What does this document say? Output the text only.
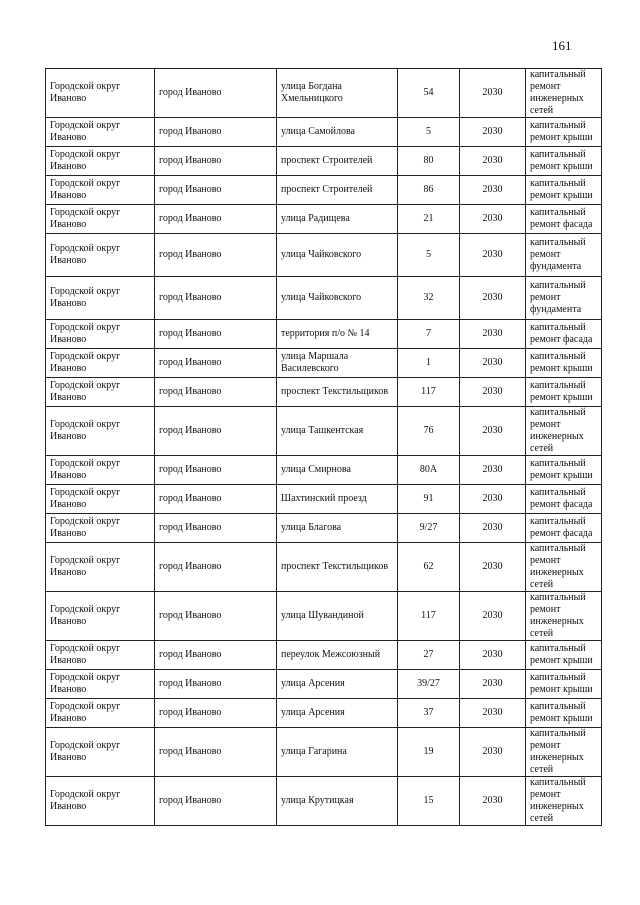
161
Городской округ Иваново	город Иваново	улица Богдана Хмельницкого	54	2030	капитальный ремонт инженерных сетей
Городской округ Иваново	город Иваново	улица Самойлова	5	2030	капитальный ремонт крыши
Городской округ Иваново	город Иваново	проспект Строителей	80	2030	капитальный ремонт крыши
Городской округ Иваново	город Иваново	проспект Строителей	86	2030	капитальный ремонт крыши
Городской округ Иваново	город Иваново	улица Радищева	21	2030	капитальный ремонт фасада
Городской округ Иваново	город Иваново	улица Чайковского	5	2030	капитальный ремонт фундамента
Городской округ Иваново	город Иваново	улица Чайковского	32	2030	капитальный ремонт фундамента
Городской округ Иваново	город Иваново	территория п/о № 14	7	2030	капитальный ремонт фасада
Городской округ Иваново	город Иваново	улица Маршала Василевского	1	2030	капитальный ремонт крыши
Городской округ Иваново	город Иваново	проспект Текстильщиков	117	2030	капитальный ремонт крыши
Городской округ Иваново	город Иваново	улица Ташкентская	76	2030	капитальный ремонт инженерных сетей
Городской округ Иваново	город Иваново	улица Смирнова	80А	2030	капитальный ремонт крыши
Городской округ Иваново	город Иваново	Шахтинский проезд	91	2030	капитальный ремонт фасада
Городской округ Иваново	город Иваново	улица Благова	9/27	2030	капитальный ремонт фасада
Городской округ Иваново	город Иваново	проспект Текстильщиков	62	2030	капитальный ремонт инженерных сетей
Городской округ Иваново	город Иваново	улица Шувандиной	117	2030	капитальный ремонт инженерных сетей
Городской округ Иваново	город Иваново	переулок Межсоюзный	27	2030	капитальный ремонт крыши
Городской округ Иваново	город Иваново	улица Арсения	39/27	2030	капитальный ремонт крыши
Городской округ Иваново	город Иваново	улица Арсения	37	2030	капитальный ремонт крыши
Городской округ Иваново	город Иваново	улица Гагарина	19	2030	капитальный ремонт инженерных сетей
Городской округ Иваново	город Иваново	улица Крутицкая	15	2030	капитальный ремонт инженерных сетей
